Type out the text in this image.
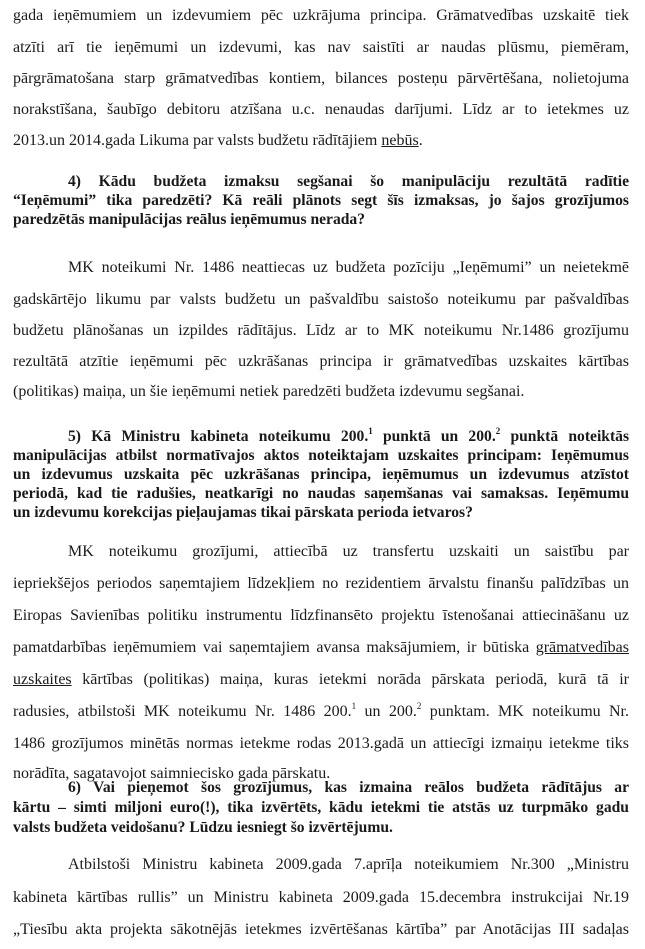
gada ieņēmumiem un izdevumiem pēc uzkrājuma principa. Grāmatvedības uzskaitē tiek
atzīti arī tie ieņēmumi un izdevumi, kas nav saistīti ar naudas plūsmu, piemēram,
pārgrāmatošana starp grāmatvedības kontiem, bilances posteņu pārvērtēšana, nolietojuma
norakstīšana, šaubīgo debitoru atzīšana u.c. nenaudas darījumi. Līdz ar to ietekmes uz
2013.un 2014.gada Likuma par valsts budžetu rādītājiem nebūs.
4) Kādu budžeta izmaksu segšanai šo manipulāciju rezultātā radītie
“Ieņēmumi” tika paredzēti? Kā reāli plānots segt šīs izmaksas, jo šajos grozījumos
paredzētās manipulācijas reālus ieņēmumus nerada?
MK noteikumi Nr. 1486 neattiecas uz budžeta pozīciju „Ieņēmumi” un neietekmē
gadskārtējo likumu par valsts budžetu un pašvaldību saistošo noteikumu par pašvaldības
budžetu plānošanas un izpildes rādītājus. Līdz ar to MK noteikumu Nr.1486 grozījumu
rezultātā atzītie ieņēmumi pēc uzkrāšanas principa ir grāmatvedības uzskaites kārtības
(politikas) maiņa, un šie ieņēmumi netiek paredzēti budžeta izdevumu segšanai.
5) Kā Ministru kabineta noteikumu 200.$^1$ punktā un 200.$^2$ punktā noteiktās
manipulācijas atbilst normatīvajos aktos noteiktajam uzskaites principam: Ieņēmumus
un izdevumus uzskaita pēc uzkrāšanas principa, ieņēmumus un izdevumus atzīstot
periodā, kad tie radušies, neatkarīgi no naudas saņemšanas vai samaksas. Ieņēmumu
un izdevumu korekcijas pieļaujamas tikai pārskata perioda ietvaros?
MK noteikumu grozījumi, attiecībā uz transfertu uzskaiti un saistību par
iepriekšējos periodos saņemtajiem līdzekļiem no rezidentiem ārvalstu finanšu palīdzības un
Eiropas Savienības politiku instrumentu līdzfinansēto projektu īstenošanai attiecināšanu uz
pamatdarbības ieņēmumiem vai saņemtajiem avansa maksājumiem, ir būtiska grāmatvedības
uzskaites kārtības (politikas) maiņa, kuras ietekmi norāda pārskata periodā, kurā tā ir
radusies, atbilstoši MK noteikumu Nr. 1486 200.$^1$ un 200.$^2$ punktam. MK noteikumu Nr.
1486 grozījumos minētās normas ietekme rodas 2013.gadā un attiecīgi izmaiņu ietekme tiks
norādīta, sagatavojot saimniecisko gada pārskatu.
6) Vai pieņemot šos grozījumus, kas izmaina reālos budžeta rādītājus ar
kārtu – simti miljoni euro(!), tika izvērtēts, kādu ietekmi tie atstās uz turpmāko gadu
valsts budžeta veidošanu? Lūdzu iesniegt šo izvērtējumu.
Atbilstoši Ministru kabineta 2009.gada 7.aprīļa noteikumiem Nr.300 „Ministru
kabineta kārtības rullis” un Ministru kabineta 2009.gada 15.decembra instrukcijai Nr.19
„Tiesību akta projekta sākotnējās ietekmes izvērtēšanas kārtība” par Anotācijas III sadaļas
